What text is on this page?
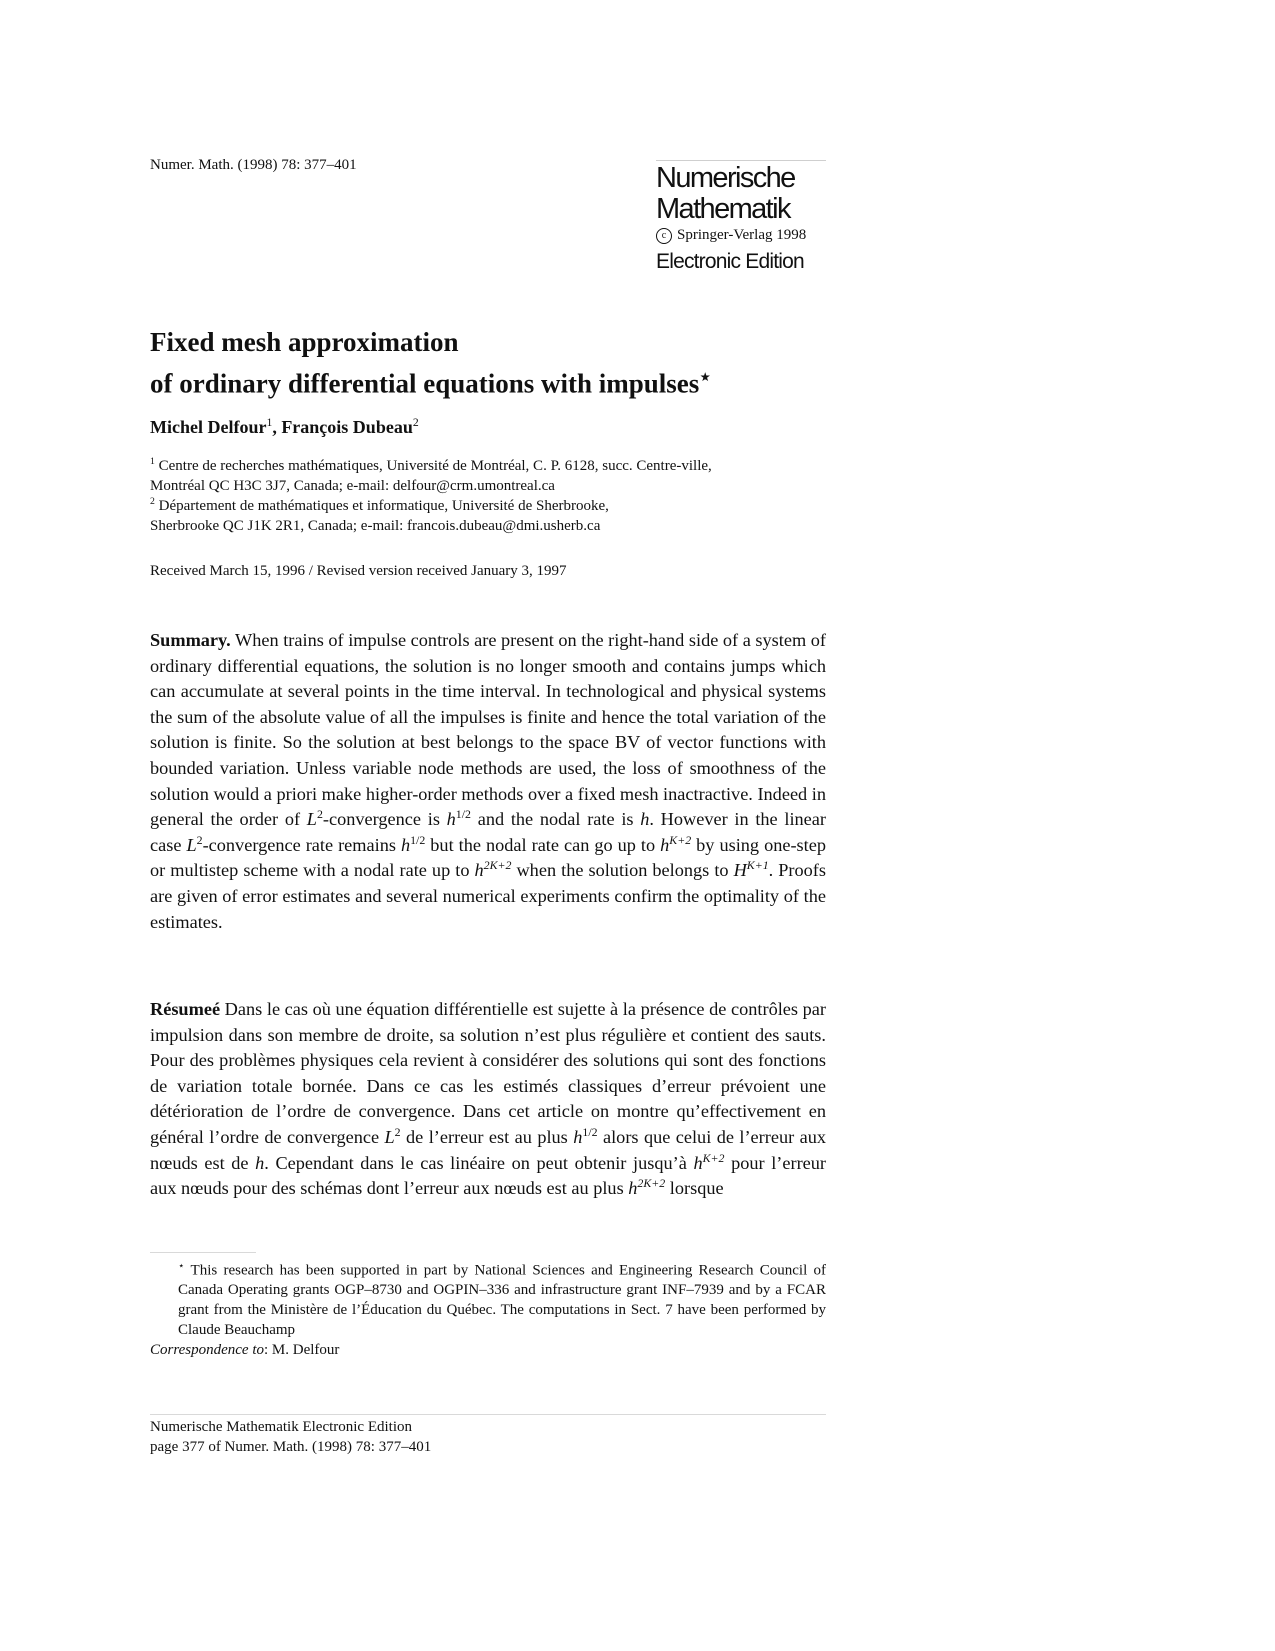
Numer. Math. (1998) 78: 377–401	Numerische
Mathematik
c Springer-Verlag 1998
Electronic Edition
Fixed mesh approximation
of ordinary differential equations with impulses⋆
Michel Delfour$^1$, François Dubeau$^2$

$^1$ Centre de recherches mathématiques, Université de Montréal, C. P. 6128, succ. Centre-ville,

Montréal QC H3C 3J7, Canada; e-mail: delfour@crm.umontreal.ca

$^2$ Département de mathématiques et informatique, Université de Sherbrooke,

Sherbrooke QC J1K 2R1, Canada; e-mail: francois.dubeau@dmi.usherb.ca

Received March 15, 1996 / Revised version received January 3, 1997

Summary. When trains of impulse controls are present on the right-hand side of a system of ordinary differential equations, the solution is no longer smooth and contains jumps which can accumulate at several points in the time interval. In technological and physical systems the sum of the absolute value of all the impulses is finite and hence the total variation of the solution is finite. So the solution at best belongs to the space BV of vector functions with bounded variation. Unless variable node methods are used, the loss of smoothness of the solution would a priori make higher-order methods over a fixed mesh inactractive. Indeed in general the order of $L^2$-convergence is $h^{1/2}$ and the nodal rate is h. However in the linear case $L^2$-convergence rate remains $h^{1/2}$ but the nodal rate can go up to $h^{K+2}$ by using one-step or multistep scheme with a nodal rate up to $h^{2K+2}$ when the solution belongs to $H^{K+1}$. Proofs are given of error estimates and several numerical experiments confirm the optimality of the estimates.

Résumeé Dans le cas où une équation différentielle est sujette à la présence de contrôles par impulsion dans son membre de droite, sa solution n’est plus régulière et contient des sauts. Pour des problèmes physiques cela revient à considérer des solutions qui sont des fonctions de variation totale bornée. Dans ce cas les estimés classiques d’erreur prévoient une détérioration de l’ordre de convergence. Dans cet article on montre qu’effectivement en général l’ordre de convergence $L^2$ de l’erreur est au plus $h^{1/2}$ alors que celui de l’erreur aux nœuds est de h. Cependant dans le cas linéaire on peut obtenir jusqu’à $h^{K+2}$ pour l’erreur aux nœuds pour des schémas dont l’erreur aux nœuds est au plus $h^{2K+2}$ lorsque

⋆ This research has been supported in part by National Sciences and Engineering Research Council of Canada Operating grants OGP–8730 and OGPIN–336 and infrastructure grant INF–7939 and by a FCAR grant from the Ministère de l’Éducation du Québec. The computations in Sect. 7 have been performed by Claude Beauchamp

Correspondence to: M. Delfour

Numerische Mathematik Electronic Edition
page 377 of Numer. Math. (1998) 78: 377–401
